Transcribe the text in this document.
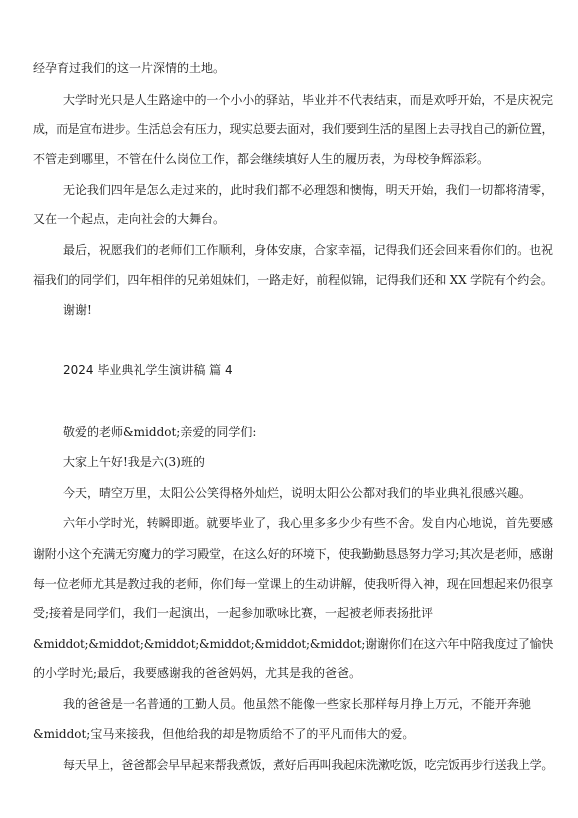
经孕育过我们的这一片深情的土地。
大学时光只是人生路途中的一个小小的驿站，毕业并不代表结束，而是欢呼开始，不是庆祝完
成，而是宣布进步。生活总会有压力，现实总要去面对，我们要到生活的星图上去寻找自己的新位置，
不管走到哪里，不管在什么岗位工作，都会继续填好人生的履历表，为母校争辉添彩。
无论我们四年是怎么走过来的，此时我们都不必理怨和懊悔，明天开始，我们一切都将清零，
又在一个起点，走向社会的大舞台。
最后，祝愿我们的老师们工作顺利，身体安康，合家幸福，记得我们还会回来看你们的。也祝
福我们的同学们，四年相伴的兄弟姐妹们，一路走好，前程似锦，记得我们还和 XX 学院有个约会。
谢谢!
2024 毕业典礼学生演讲稿 篇 4
敬爱的老师&middot;亲爱的同学们:
大家上午好!我是六(3)班的
今天，晴空万里，太阳公公笑得格外灿烂，说明太阳公公都对我们的毕业典礼很感兴趣。
六年小学时光，转瞬即逝。就要毕业了，我心里多多少少有些不舍。发自内心地说，首先要感
谢附小这个充满无穷魔力的学习殿堂，在这么好的环境下，使我勤勤恳恳努力学习;其次是老师，感谢
每一位老师尤其是教过我的老师，你们每一堂课上的生动讲解，使我听得入神，现在回想起来仍很享
受;接着是同学们，我们一起演出，一起参加歌咏比赛，一起被老师表扬批评
&middot;&middot;&middot;&middot;&middot;&middot;谢谢你们在这六年中陪我度过了愉快
的小学时光;最后，我要感谢我的爸爸妈妈，尤其是我的爸爸。
我的爸爸是一名普通的工勤人员。他虽然不能像一些家长那样每月挣上万元，不能开奔驰
&middot;宝马来接我，但他给我的却是物质给不了的平凡而伟大的爱。
每天早上，爸爸都会早早起来帮我煮饭，煮好后再叫我起床洗漱吃饭，吃完饭再步行送我上学。
